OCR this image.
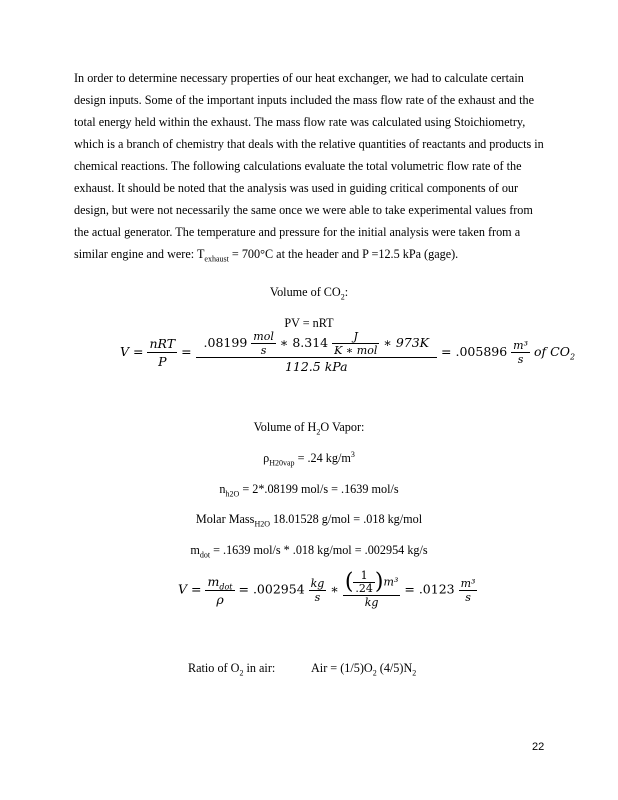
In order to determine necessary properties of our heat exchanger, we had to calculate certain
design inputs. Some of the important inputs included the mass flow rate of the exhaust and the
total energy held within the exhaust. The mass flow rate was calculated using Stoichiometry,
which is a branch of chemistry that deals with the relative quantities of reactants and products in
chemical reactions. The following calculations evaluate the total volumetric flow rate of the
exhaust. It should be noted that the analysis was used in guiding critical components of our
design, but were not necessarily the same once we were able to take experimental values from
the actual generator. The temperature and pressure for the initial analysis were taken from a
similar engine and were: $T_{exhaust} = 700^\circ C$ at the header and P =12.5 kPa (gage).
Volume of $CO_2$:
PV = nRT
$V = \frac{\text{nRT}}{P}$ =
$.08199 \frac{\text{mol}}{s}$ ∗ $8.314 \frac{J}{\text{K ∗ mol}}$ ∗ 973K
112.5 kPa
= $.005896 \frac{\text{m³}}{s}$ of $CO_2$
Volume of $H_2O$ Vapor:
$\rho_{H20vap} = .24$ $kg/m^3$
$n_{h2O} = 2*.08199$ mol/s = .1639 mol/s
Molar Mass$_{H2O}$ 18.01528 g/mol = .018 kg/mol
$m_{dot} = .1639$ mol/s * .018 kg/mol = .002954 kg/s
$V = \frac{m_{dot}}{\rho} = .002954 \frac{kg}{s}$ ∗ $\frac{( \frac{1}{.24} )m^3}{kg} = .0123 \frac{\text{m³}}{s}$
Ratio of $O_2$ in air:	Air = $(1/5)O_2$ $(4/5)N_2$
22
